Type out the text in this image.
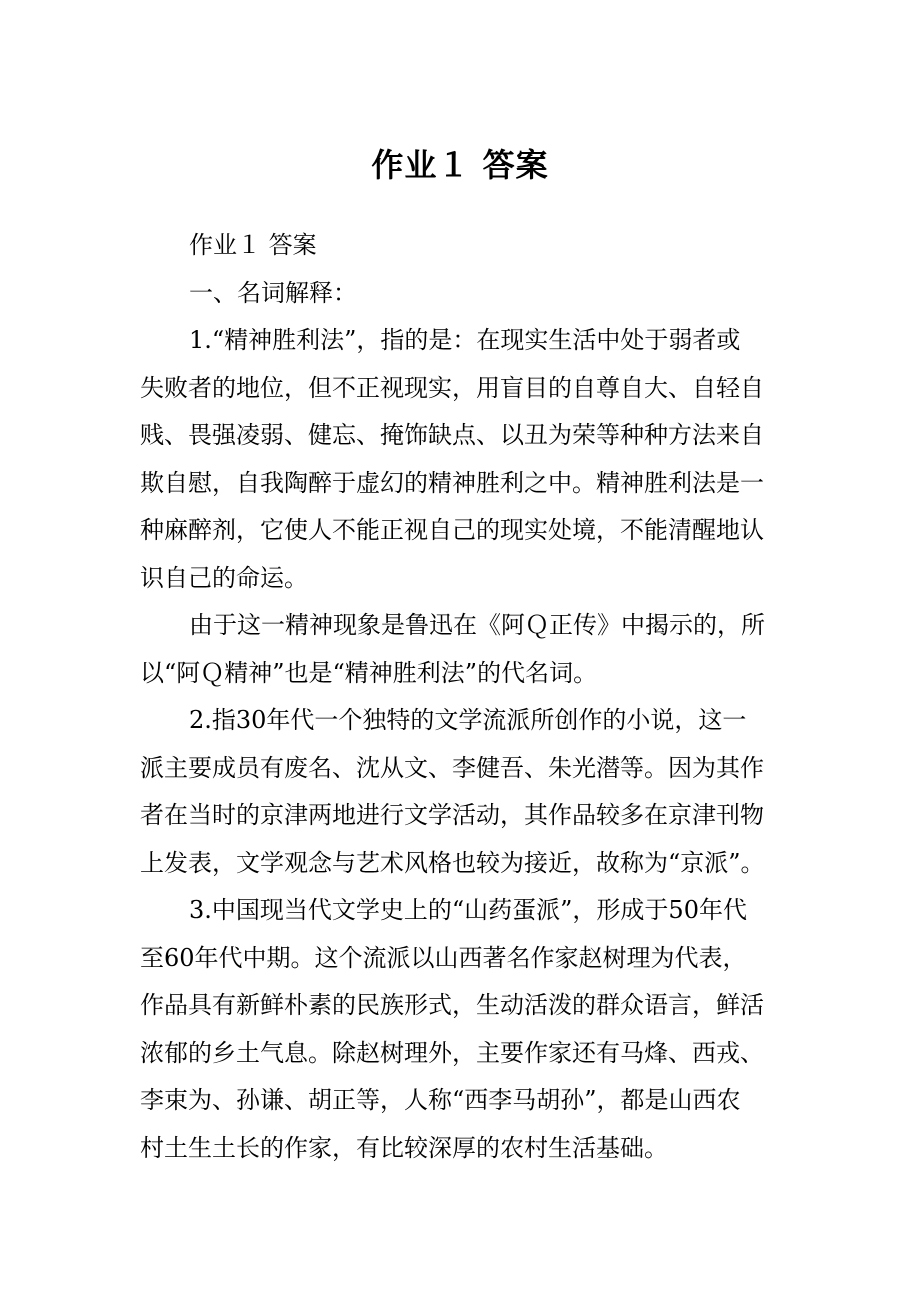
作业１ 答案

作业１ 答案

一、名词解释：

1.“精神胜利法”，指的是：在现实生活中处于弱者或

失败者的地位，但不正视现实，用盲目的自尊自大、自轻自

贱、畏强凌弱、健忘、掩饰缺点、以丑为荣等种种方法来自

欺自慰，自我陶醉于虚幻的精神胜利之中。精神胜利法是一

种麻醉剂，它使人不能正视自己的现实处境，不能清醒地认

识自己的命运。

由于这一精神现象是鲁迅在《阿Ｑ正传》中揭示的，所

以“阿Ｑ精神”也是“精神胜利法”的代名词。

2.指30年代一个独特的文学流派所创作的小说，这一

派主要成员有废名、沈从文、李健吾、朱光潜等。因为其作

者在当时的京津两地进行文学活动，其作品较多在京津刊物

上发表，文学观念与艺术风格也较为接近，故称为“京派”。

3.中国现当代文学史上的“山药蛋派”，形成于50年代

至60年代中期。这个流派以山西著名作家赵树理为代表，

作品具有新鲜朴素的民族形式，生动活泼的群众语言，鲜活

浓郁的乡土气息。除赵树理外，主要作家还有马烽、西戎、

李束为、孙谦、胡正等，人称“西李马胡孙”，都是山西农

村土生土长的作家，有比较深厚的农村生活基础。
